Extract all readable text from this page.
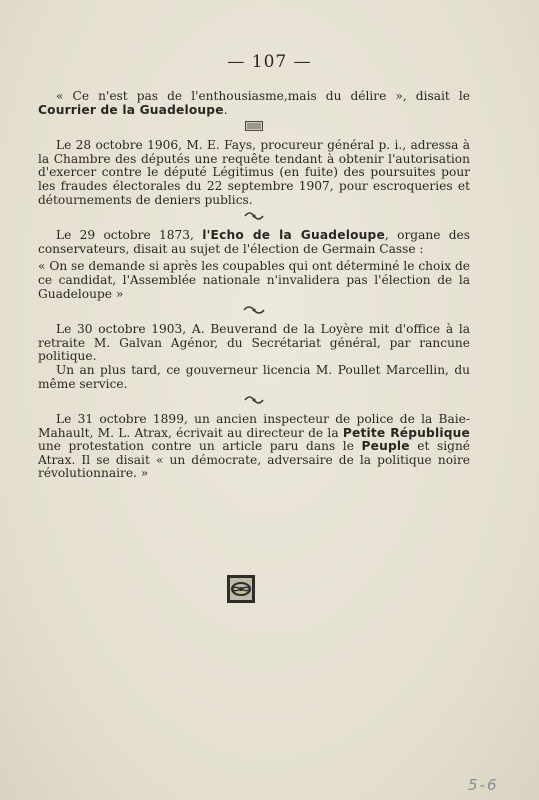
— 107 —

« Ce n'est pas de l'enthousiasme,mais du délire », disait le Courrier de la Guadeloupe.

Le 28 octobre 1906, M. E. Fays, procureur général p. i., adressa à la Chambre des députés une requête tendant à obtenir l'autorisation d'exercer contre le député Légitimus (en fuite) des poursuites pour les fraudes électorales du 22 septembre 1907, pour escroqueries et détournements de deniers publics.

Le 29 octobre 1873, l'Echo de la Guadeloupe, organe des conservateurs, disait au sujet de l'élection de Germain Casse :

« On se demande si après les coupables qui ont déterminé le choix de ce candidat, l'Assemblée nationale n'invalidera pas l'élection de la Guadeloupe »

Le 30 octobre 1903, A. Beuverand de la Loyère mit d'office à la retraite M. Galvan Agénor, du Secrétariat général, par rancune politique.

Un an plus tard, ce gouverneur licencia M. Poullet Marcellin, du même service.

Le 31 octobre 1899, un ancien inspecteur de police de la Baie-Mahault, M. L. Atrax, écrivait au directeur de la Petite République une protestation contre un article paru dans le Peuple et signé Atrax. Il se disait « un démocrate, adversaire de la politique noire révolutionnaire. »

5-6
